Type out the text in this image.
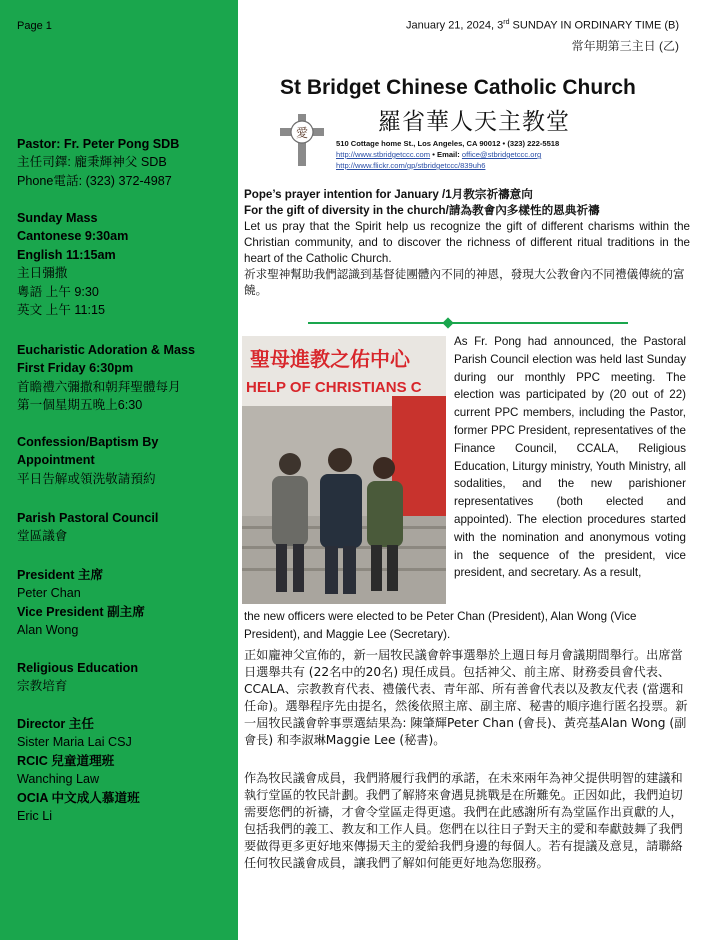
Page 1
Pastor: Fr. Peter Pong SDB
主任司鐸: 龐秉輝神父 SDB
Phone電話: (323) 372-4987
Sunday Mass
Cantonese 9:30am
English 11:15am
主日彌撒
粵語 上午 9:30
英文 上午 11:15
Eucharistic Adoration & Mass
First Friday 6:30pm
首瞻禮六彌撒和朝拜聖體每月
第一個星期五晚上6:30
Confession/Baptism By
Appointment
平日告解或領洗敬請預約
Parish Pastoral Council
堂區議會
President 主席
Peter Chan
Vice President 副主席
Alan Wong
Religious Education
宗教培育
Director 主任
Sister Maria Lai CSJ
RCIC 兒童道理班
Wanching Law
OCIA 中文成人慕道班
Eric Li
January 21, 2024, 3rd SUNDAY IN ORDINARY TIME (B)
常年期第三主日 (乙)
St Bridget Chinese Catholic Church
羅省華人天主教堂
愛
510 Cottage home St., Los Angeles, CA 90012 • (323) 222-5518
http://www.stbridgetccc.com • Email: office@stbridgetccc.org
http://www.flickr.com/gp/stbridgetccc/839uh6
Pope’s prayer intention for January /1月教宗祈禱意向
For the gift of diversity in the church/請為教會內多樣性的恩典祈禱
Let us pray that the Spirit help us recognize the gift of different charisms within the Christian community, and to discover the richness of different ritual traditions in the heart of the Catholic Church.
祈求聖神幫助我們認識到基督徒團體內不同的神恩，發現大公教會內不同禮儀傳統的富饒。
聖母進教之佑中心
HELP OF CHRISTIANS C
As Fr. Pong had announced, the Pastoral Parish Council election was held last Sunday during our monthly PPC meeting. The election was participated by (20 out of 22) current PPC members, including the Pastor, former PPC President, representatives of the Finance Council, CCALA, Religious Education, Liturgy ministry, Youth Ministry, all sodalities, and the new parishioner representatives (both elected and appointed). The election procedures started with the nomination and anonymous voting in the sequence of the president, vice president, and secretary. As a result,
the new officers were elected to be Peter Chan (President), Alan Wong (Vice President), and Maggie Lee (Secretary).
正如龐神父宣佈的，新一屆牧民議會幹事選舉於上週日每月會議期間舉行。出席當日選舉共有 (22名中的20名) 現任成員。包括神父、前主席、財務委員會代表、CCALA、宗教教育代表、禮儀代表、青年部、所有善會代表以及教友代表 (當選和任命)。選舉程序先由提名，然後依照主席、副主席、秘書的順序進行匿名投票。新一屆牧民議會幹事票選結果為: 陳肇輝Peter Chan (會長)、黃亮基Alan Wong (副會長) 和李淑琳Maggie Lee (秘書)。
作為牧民議會成員，我們將履行我們的承諾，在未來兩年為神父提供明智的建議和執行堂區的牧民計劃。我們了解將來會遇見挑戰是在所難免。正因如此，我們迫切需要您們的祈禱，才會令堂區走得更遠。我們在此感謝所有為堂區作出貢獻的人，包括我們的義工、教友和工作人員。您們在以往日子對天主的愛和奉獻鼓舞了我們要做得更多更好地來傳揚天主的愛給我們身邊的每個人。若有提議及意見，請聯絡任何牧民議會成員，讓我們了解如何能更好地為您服務。
